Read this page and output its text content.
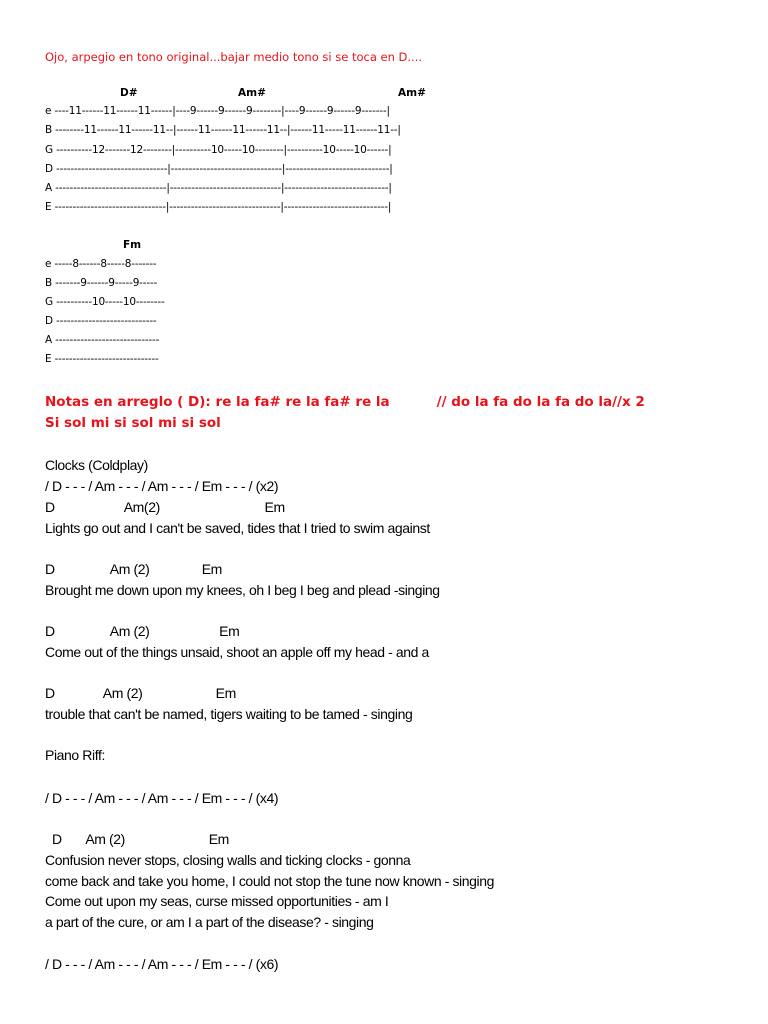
Ojo, arpegio en tono original...bajar medio tono si se toca en D....
D#	Am#	Am#
e ----11------11------11------|----9------9------9--------|----9------9------9-------|
B --------11------11------11--|------11------11------11--|------11-----11------11--|
G ----------12-------12--------|----------10-----10--------|----------10-----10------|
D -------------------------------|-------------------------------|-----------------------------|
A -------------------------------|-------------------------------|-----------------------------|
E -------------------------------|-------------------------------|-----------------------------|
Fm
e -----8------8-----8-------
B -------9------9-----9-----
G ----------10-----10--------
D ----------------------------
A -----------------------------
E -----------------------------
Notas en arreglo ( D): re la fa# re la fa# re la          // do la fa do la fa do la//x 2
Si sol mi si sol mi si sol
Clocks (Coldplay)
/ D - - - / Am - - - / Am - - - / Em - - - / (x2)
D                    Am(2)                              Em
Lights go out and I can't be saved, tides that I tried to swim against
D                Am (2)               Em
Brought me down upon my knees, oh I beg I beg and plead -singing
D                Am (2)                    Em
Come out of the things unsaid, shoot an apple off my head - and a
D              Am (2)                     Em
trouble that can't be named, tigers waiting to be tamed - singing
Piano Riff:
/ D - - - / Am - - - / Am - - - / Em - - - / (x4)
D       Am (2)                        Em
Confusion never stops, closing walls and ticking clocks - gonna
come back and take you home, I could not stop the tune now known - singing
Come out upon my seas, curse missed opportunities - am I
a part of the cure, or am I a part of the disease? - singing
/ D - - - / Am - - - / Am - - - / Em - - - / (x6)
